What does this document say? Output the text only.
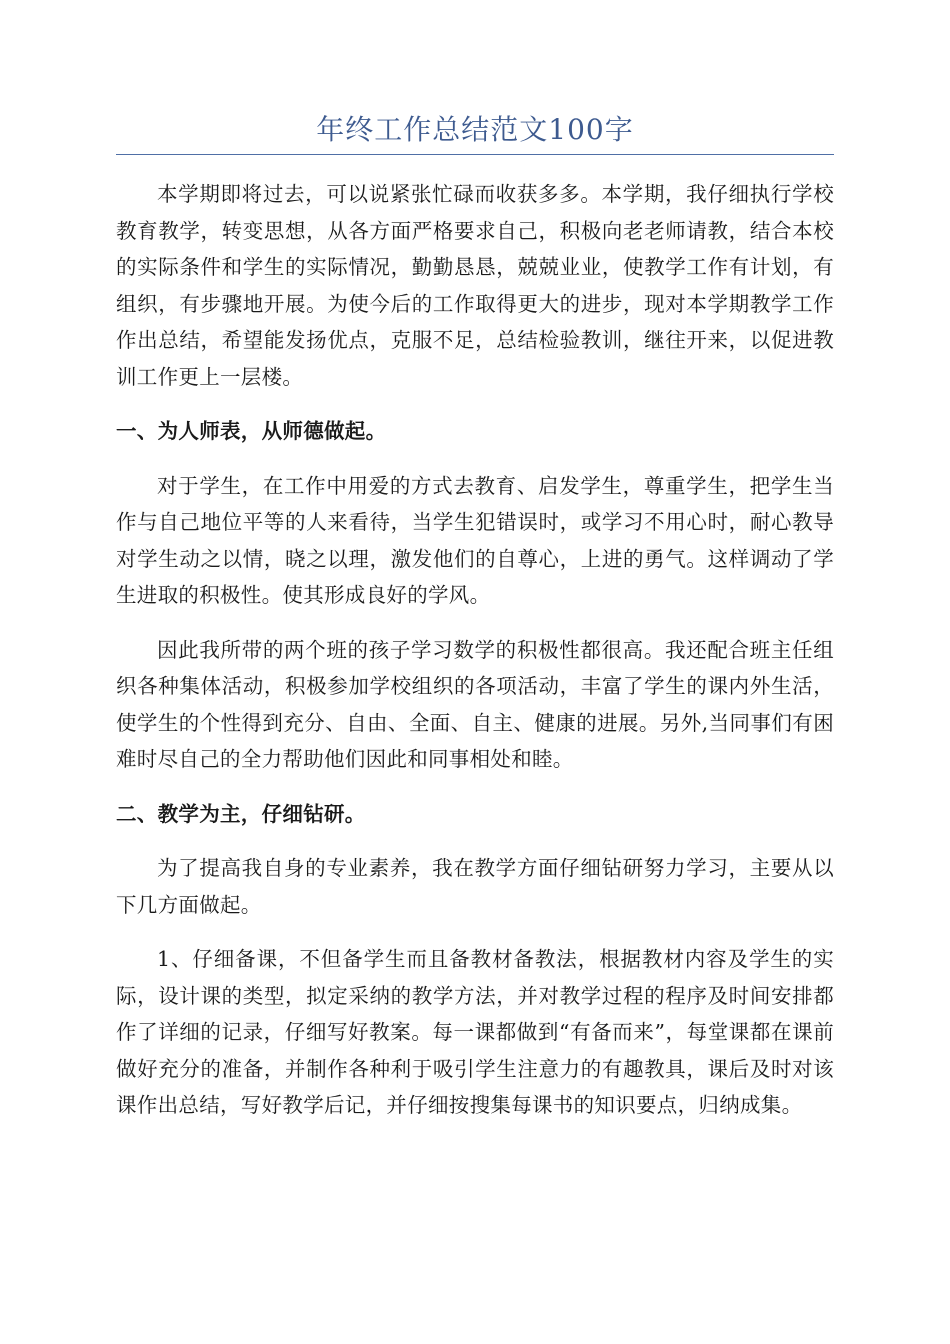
年终工作总结范文100字

本学期即将过去，可以说紧张忙碌而收获多多。本学期，我仔细执行学校教育教学，转变思想，从各方面严格要求自己，积极向老老师请教，结合本校的实际条件和学生的实际情况，勤勤恳恳，兢兢业业，使教学工作有计划，有组织，有步骤地开展。为使今后的工作取得更大的进步，现对本学期教学工作作出总结，希望能发扬优点，克服不足，总结检验教训，继往开来，以促进教训工作更上一层楼。

一、为人师表，从师德做起。

对于学生，在工作中用爱的方式去教育、启发学生，尊重学生，把学生当作与自己地位平等的人来看待，当学生犯错误时，或学习不用心时，耐心教导对学生动之以情，晓之以理，激发他们的自尊心，上进的勇气。这样调动了学生进取的积极性。使其形成良好的学风。

因此我所带的两个班的孩子学习数学的积极性都很高。我还配合班主任组织各种集体活动，积极参加学校组织的各项活动，丰富了学生的课内外生活，使学生的个性得到充分、自由、全面、自主、健康的进展。另外,当同事们有困难时尽自己的全力帮助他们因此和同事相处和睦。

二、教学为主，仔细钻研。

为了提高我自身的专业素养，我在教学方面仔细钻研努力学习，主要从以下几方面做起。

1、仔细备课，不但备学生而且备教材备教法，根据教材内容及学生的实际，设计课的类型，拟定采纳的教学方法，并对教学过程的程序及时间安排都作了详细的记录，仔细写好教案。每一课都做到“有备而来”，每堂课都在课前做好充分的准备，并制作各种利于吸引学生注意力的有趣教具，课后及时对该课作出总结，写好教学后记，并仔细按搜集每课书的知识要点，归纳成集。
